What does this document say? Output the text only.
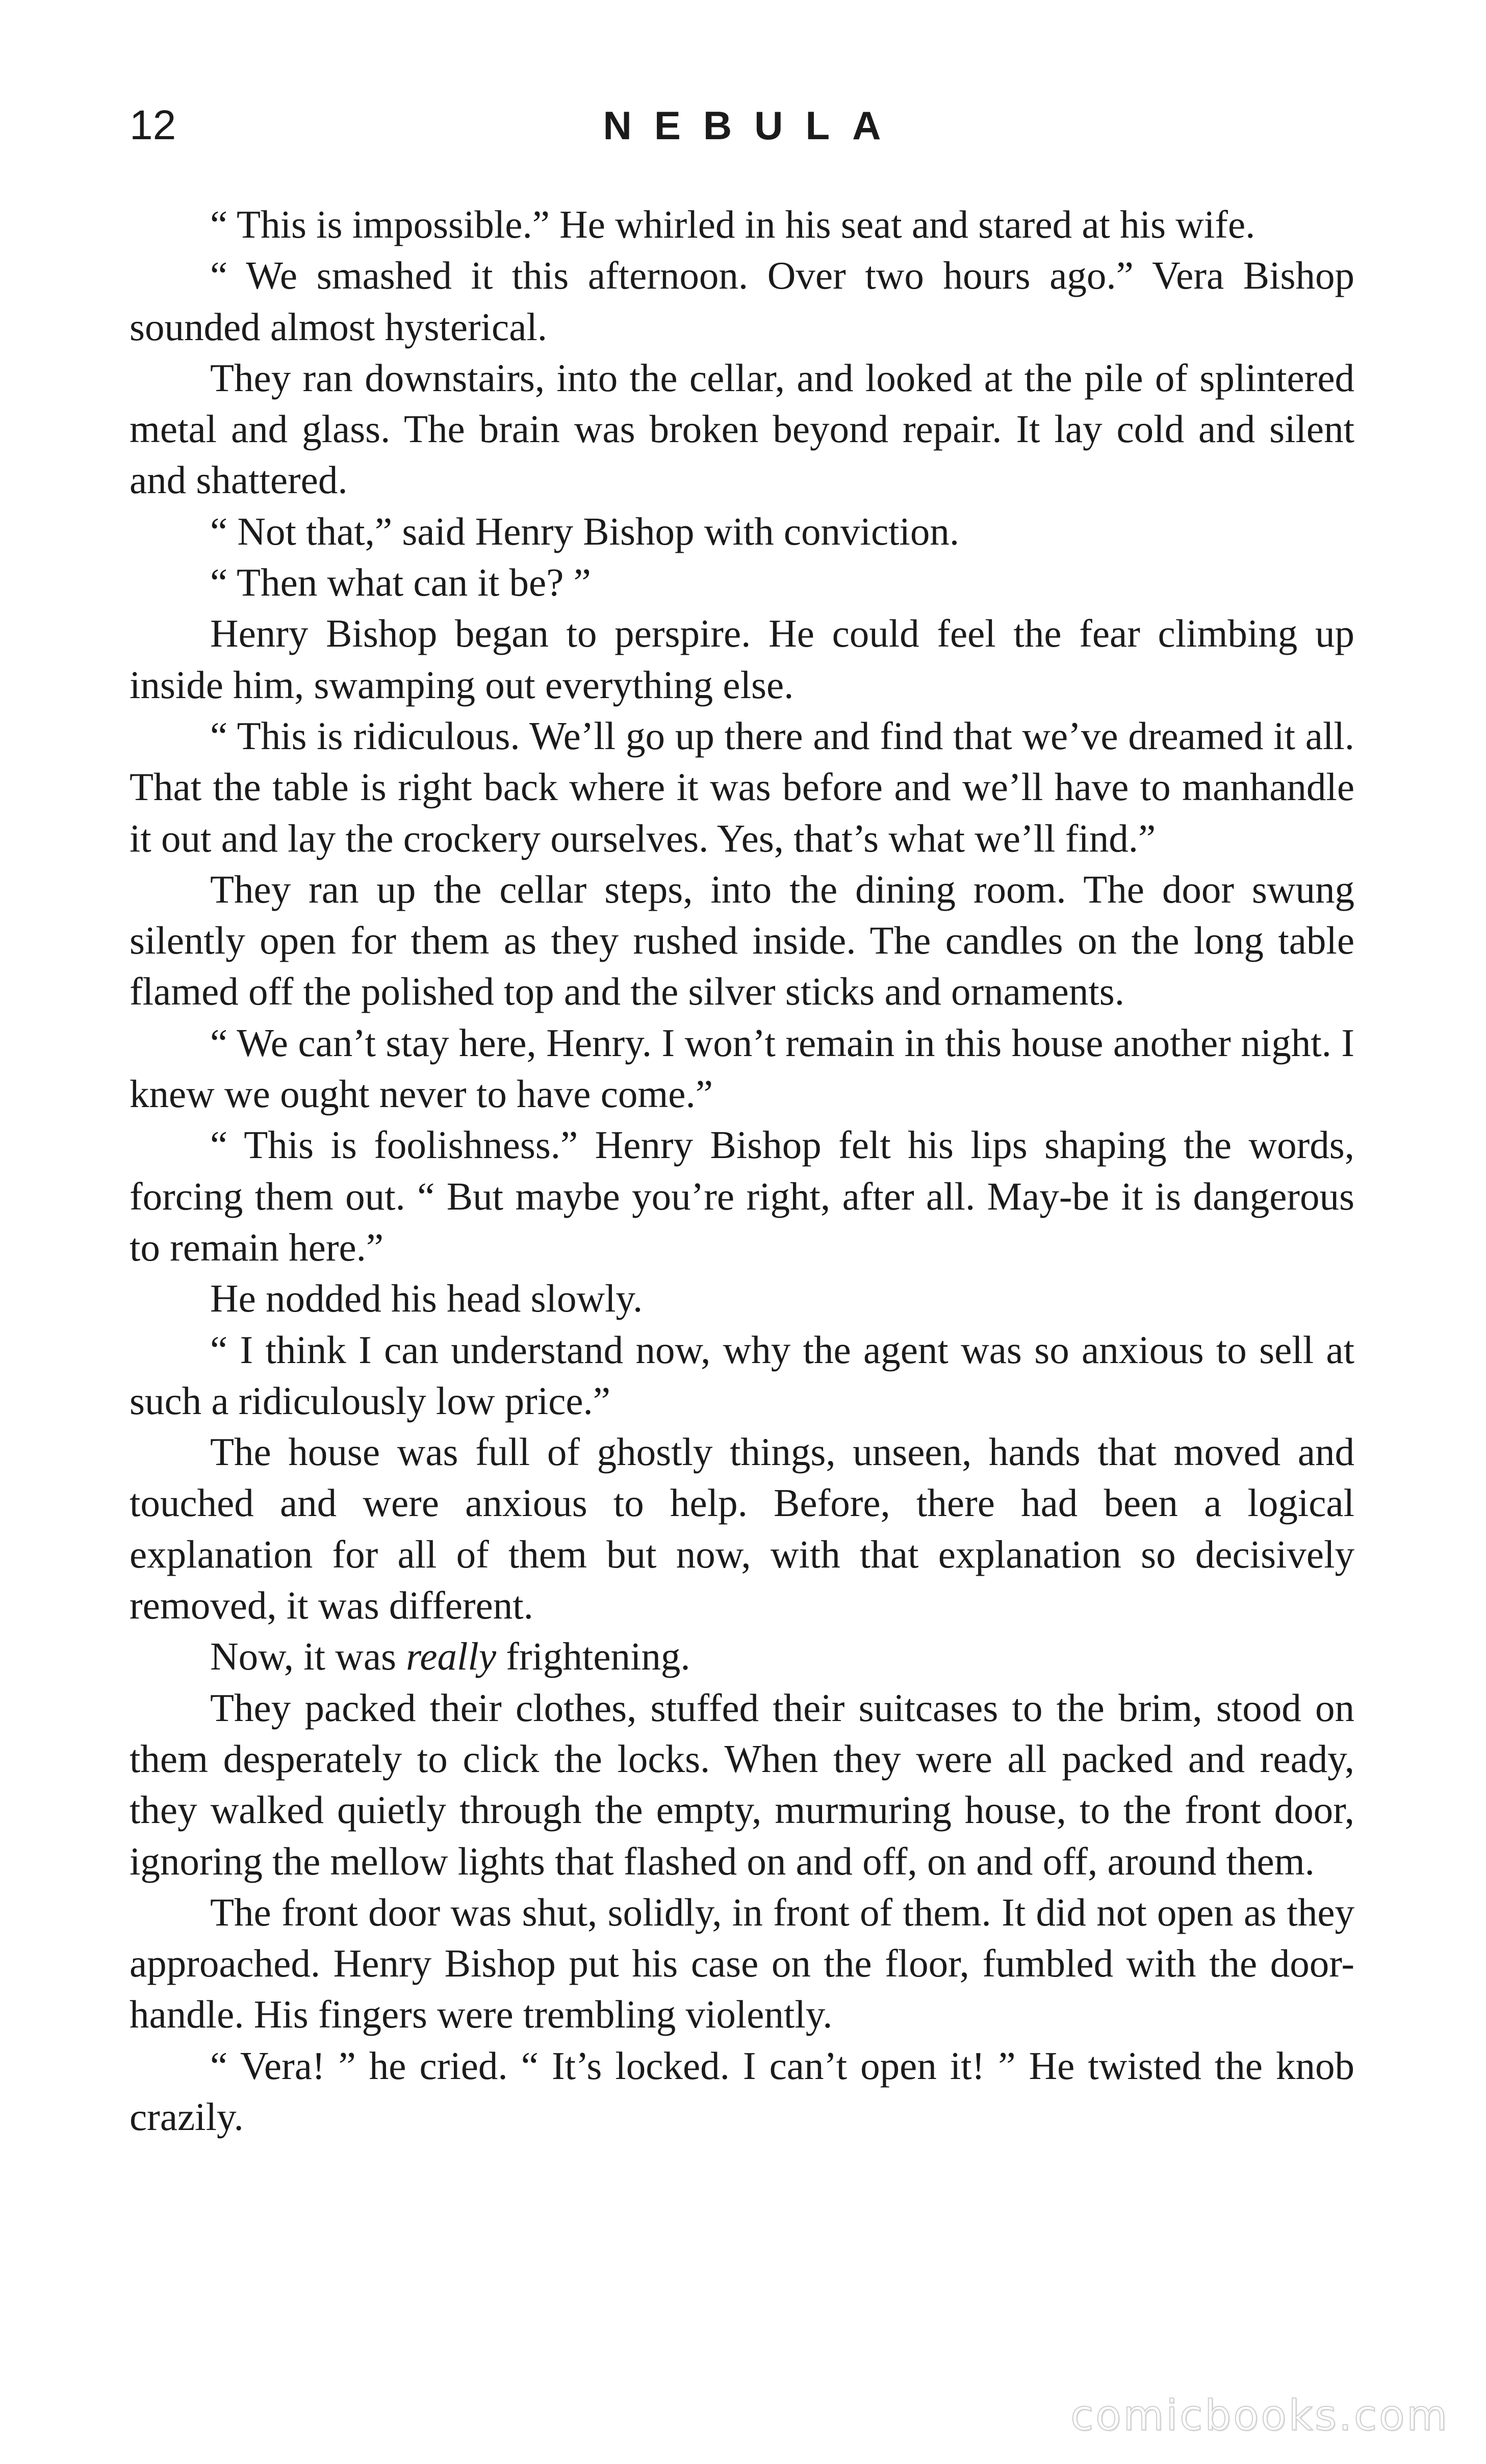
12	NEBULA

“ This is impossible.” He whirled in his seat and stared at his wife.

“ We smashed it this afternoon. Over two hours ago.” Vera Bishop sounded almost hysterical.

They ran downstairs, into the cellar, and looked at the pile of splintered metal and glass. The brain was broken beyond repair. It lay cold and silent and shattered.

“ Not that,” said Henry Bishop with conviction.

“ Then what can it be? ”

Henry Bishop began to perspire. He could feel the fear climbing up inside him, swamping out everything else.

“ This is ridiculous. We’ll go up there and find that we’ve dreamed it all. That the table is right back where it was before and we’ll have to manhandle it out and lay the crockery ourselves. Yes, that’s what we’ll find.”

They ran up the cellar steps, into the dining room. The door swung silently open for them as they rushed inside. The candles on the long table flamed off the polished top and the silver sticks and ornaments.

“ We can’t stay here, Henry. I won’t remain in this house another night. I knew we ought never to have come.”

“ This is foolishness.” Henry Bishop felt his lips shaping the words, forcing them out. “ But maybe you’re right, after all. May-be it is dangerous to remain here.”

He nodded his head slowly.

“ I think I can understand now, why the agent was so anxious to sell at such a ridiculously low price.”

The house was full of ghostly things, unseen, hands that moved and touched and were anxious to help. Before, there had been a logical explanation for all of them but now, with that explanation so decisively removed, it was different.

Now, it was really frightening.

They packed their clothes, stuffed their suitcases to the brim, stood on them desperately to click the locks. When they were all packed and ready, they walked quietly through the empty, murmuring house, to the front door, ignoring the mellow lights that flashed on and off, on and off, around them.

The front door was shut, solidly, in front of them. It did not open as they approached. Henry Bishop put his case on the floor, fumbled with the door-handle. His fingers were trembling violently.

“ Vera! ” he cried. “ It’s locked. I can’t open it! ” He twisted the knob crazily.

comicbooks.com
